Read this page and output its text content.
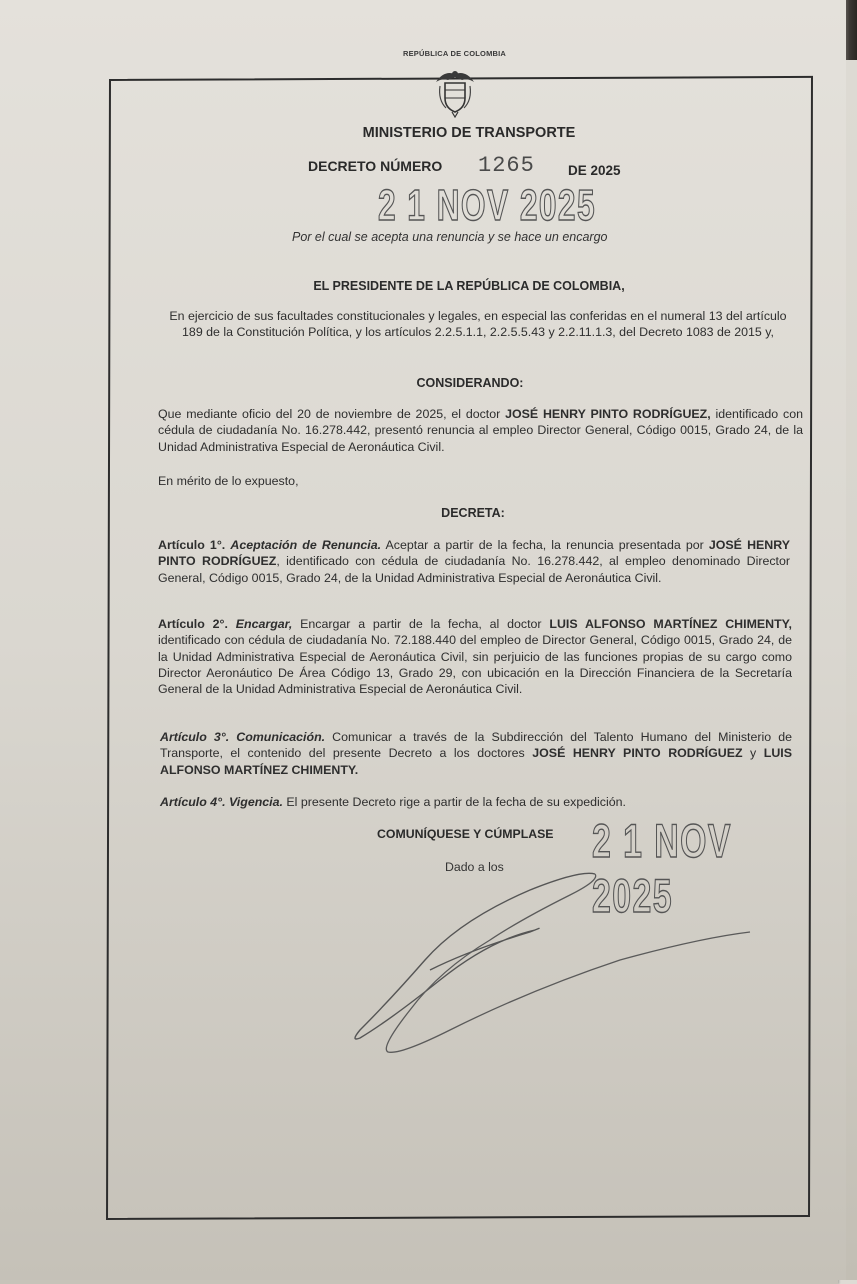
REPÚBLICA DE COLOMBIA
MINISTERIO DE TRANSPORTE
DECRETO NÚMERO 1265 DE 2025
2 1 NOV 2025
Por el cual se acepta una renuncia y se hace un encargo
EL PRESIDENTE DE LA REPÚBLICA DE COLOMBIA,
En ejercicio de sus facultades constitucionales y legales, en especial las conferidas en el numeral 13 del artículo 189 de la Constitución Política, y los artículos 2.2.5.1.1, 2.2.5.5.43 y 2.2.11.1.3, del Decreto 1083 de 2015 y,
CONSIDERANDO:
Que mediante oficio del 20 de noviembre de 2025, el doctor JOSÉ HENRY PINTO RODRÍGUEZ, identificado con cédula de ciudadanía No. 16.278.442, presentó renuncia al empleo Director General, Código 0015, Grado 24, de la Unidad Administrativa Especial de Aeronáutica Civil.
En mérito de lo expuesto,
DECRETA:
Artículo 1°. Aceptación de Renuncia. Aceptar a partir de la fecha, la renuncia presentada por JOSÉ HENRY PINTO RODRÍGUEZ, identificado con cédula de ciudadanía No. 16.278.442, al empleo denominado Director General, Código 0015, Grado 24, de la Unidad Administrativa Especial de Aeronáutica Civil.
Artículo 2°. Encargar, Encargar a partir de la fecha, al doctor LUIS ALFONSO MARTÍNEZ CHIMENTY, identificado con cédula de ciudadanía No. 72.188.440 del empleo de Director General, Código 0015, Grado 24, de la Unidad Administrativa Especial de Aeronáutica Civil, sin perjuicio de las funciones propias de su cargo como Director Aeronáutico De Área Código 13, Grado 29, con ubicación en la Dirección Financiera de la Secretaría General de la Unidad Administrativa Especial de Aeronáutica Civil.
Artículo 3°. Comunicación. Comunicar a través de la Subdirección del Talento Humano del Ministerio de Transporte, el contenido del presente Decreto a los doctores JOSÉ HENRY PINTO RODRÍGUEZ y LUIS ALFONSO MARTÍNEZ CHIMENTY.
Artículo 4°. Vigencia. El presente Decreto rige a partir de la fecha de su expedición.
COMUNÍQUESE Y CÚMPLASE 2 1 NOV 2025
Dado a los
